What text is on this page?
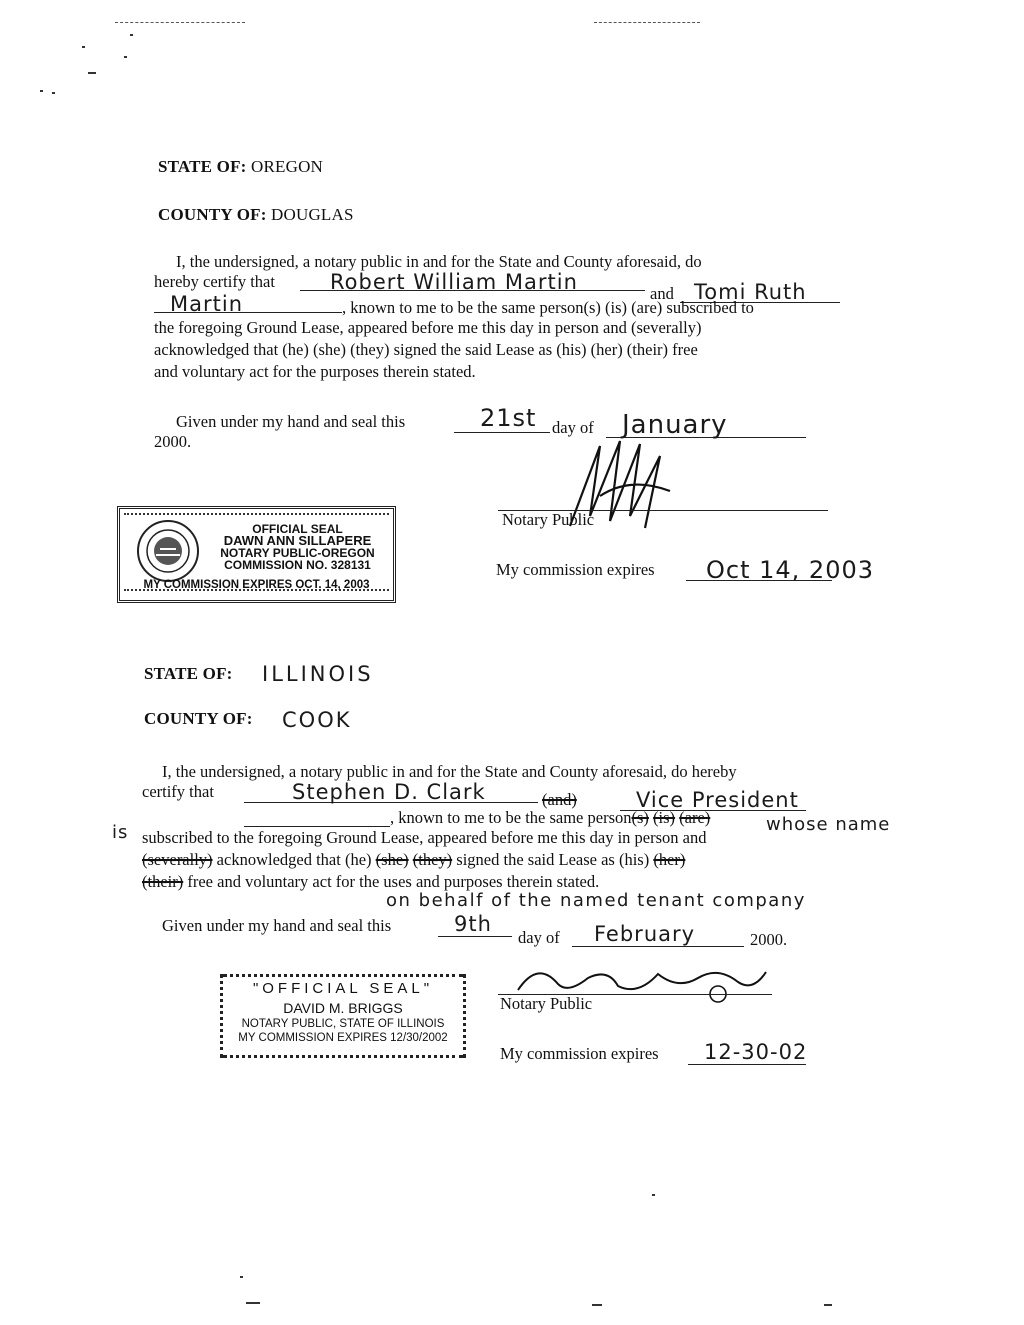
STATE OF: OREGON
COUNTY OF: DOUGLAS
I, the undersigned, a notary public in and for the State and County aforesaid, do
hereby certify that	Robert William Martin	and Tomi Ruth
Martin	, known to me to be the same person(s) (is) (are) subscribed to
the foregoing Ground Lease, appeared before me this day in person and (severally)
acknowledged that (he) (she) (they) signed the said Lease as (his) (her) (their) free
and voluntary act for the purposes therein stated.
Given under my hand and seal this	21st day of January
2000.
Notary Public
OFFICIAL SEAL
DAWN ANN SILLAPERE
NOTARY PUBLIC-OREGON
COMMISSION NO. 328131
MY COMMISSION EXPIRES OCT. 14, 2003
My commission expires Oct 14, 2003
STATE OF: ILLINOIS
COUNTY OF: COOK
I, the undersigned, a notary public in and for the State and County aforesaid, do hereby
certify that	Stephen D. Clark	(and)	Vice President
, known to me to be the same person(s) (is) (are)	whose name
is subscribed to the foregoing Ground Lease, appeared before me this day in person and
(severally) acknowledged that (he) (she) (they) signed the said Lease as (his) (her)
(their) free and voluntary act for the uses and purposes therein stated.
on behalf of the named tenant company
Given under my hand and seal this	9th
day of February	2000.
Notary Public
"OFFICIAL SEAL"
DAVID M. BRIGGS
NOTARY PUBLIC, STATE OF ILLINOIS
MY COMMISSION EXPIRES 12/30/2002
My commission expires 12-30-02
